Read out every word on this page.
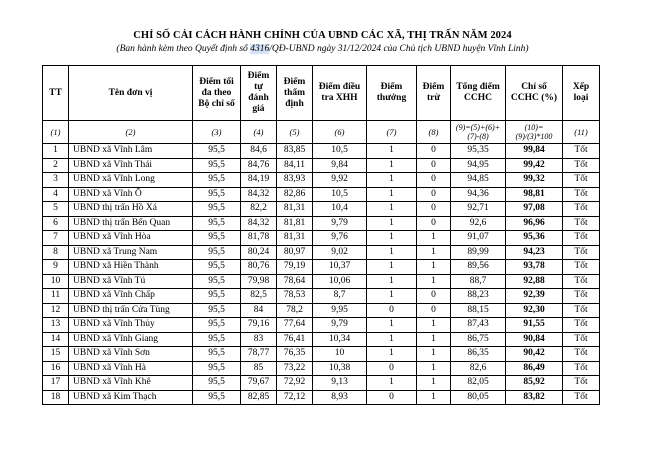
CHỈ SỐ CẢI CÁCH HÀNH CHÍNH CỦA UBND CÁC XÃ, THỊ TRẤN NĂM 2024
(Ban hành kèm theo Quyết định số 4316/QĐ-UBND ngày 31/12/2024 của Chủ tịch UBND huyện Vĩnh Linh)
TT	Tên đơn vị	Điểm tối đa theo Bộ chỉ số	Điểm tự đánh giá	Điểm thẩm định	Điểm điều tra XHH	Điểm thưởng	Điểm trừ	Tổng điểm CCHC	Chỉ số CCHC (%)	Xếp loại
(1)	(2)	(3)	(4)	(5)	(6)	(7)	(8)	(9)=(5)+(6)+(7)-(8)	(10)=(9)/(3)*100	(11)
1	UBND xã Vĩnh Lâm	95,5	84,6	83,85	10,5	1	0	95,35	99,84	Tốt
2	UBND xã Vĩnh Thái	95,5	84,76	84,11	9,84	1	0	94,95	99,42	Tốt
3	UBND xã Vĩnh Long	95,5	84,19	83,93	9,92	1	0	94,85	99,32	Tốt
4	UBND xã Vĩnh Ô	95,5	84,32	82,86	10,5	1	0	94,36	98,81	Tốt
5	UBND thị trấn Hồ Xá	95,5	82,2	81,31	10,4	1	0	92,71	97,08	Tốt
6	UBND thị trấn Bến Quan	95,5	84,32	81,81	9,79	1	0	92,6	96,96	Tốt
7	UBND xã Vĩnh Hòa	95,5	81,78	81,31	9,76	1	1	91,07	95,36	Tốt
8	UBND xã Trung Nam	95,5	80,24	80,97	9,02	1	1	89,99	94,23	Tốt
9	UBND xã Hiền Thành	95,5	80,76	79,19	10,37	1	1	89,56	93,78	Tốt
10	UBND xã Vĩnh Tú	95,5	79,98	78,64	10,06	1	1	88,7	92,88	Tốt
11	UBND xã Vĩnh Chấp	95,5	82,5	78,53	8,7	1	0	88,23	92,39	Tốt
12	UBND thị trấn Cửa Tùng	95,5	84	78,2	9,95	0	0	88,15	92,30	Tốt
13	UBND xã Vĩnh Thủy	95,5	79,16	77,64	9,79	1	1	87,43	91,55	Tốt
14	UBND xã Vĩnh Giang	95,5	83	76,41	10,34	1	1	86,75	90,84	Tốt
15	UBND xã Vĩnh Sơn	95,5	78,77	76,35	10	1	1	86,35	90,42	Tốt
16	UBND xã Vĩnh Hà	95,5	85	73,22	10,38	0	1	82,6	86,49	Tốt
17	UBND xã Vĩnh Khê	95,5	79,67	72,92	9,13	1	1	82,05	85,92	Tốt
18	UBND xã Kim Thạch	95,5	82,85	72,12	8,93	0	1	80,05	83,82	Tốt
